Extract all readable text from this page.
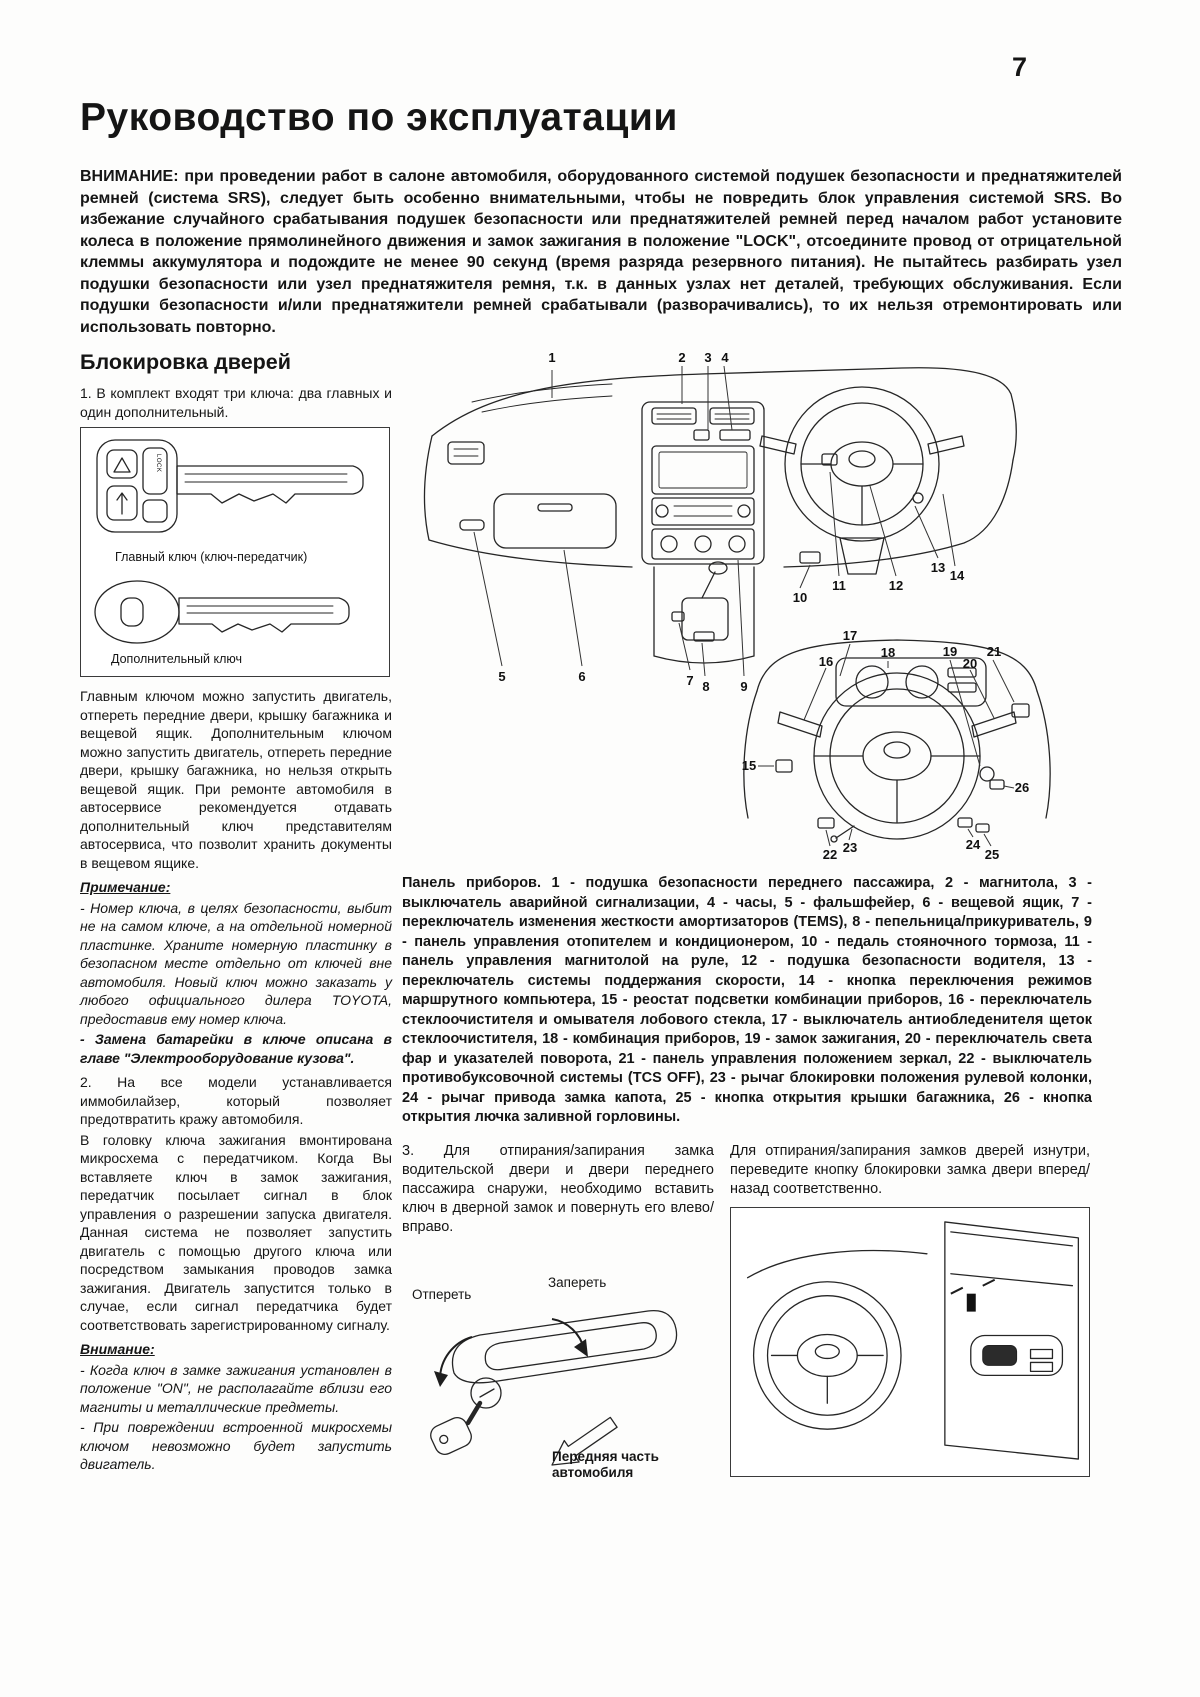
7
Руководство по эксплуатации

ВНИМАНИЕ: при проведении работ в салоне автомобиля, оборудованного системой подушек безопасности и преднатяжителей ремней (система SRS), следует быть особенно внимательными, чтобы не повредить блок управления системой SRS. Во избежание случайного срабатывания подушек безопасности или преднатяжителей ремней перед началом работ установите колеса в положение прямолинейного движения и замок зажигания в положение "LOCK", отсоедините провод от отрицательной клеммы аккумулятора и подождите не менее 90 секунд (время разряда резервного питания). Не пытайтесь разбирать узел подушки безопасности или узел преднатяжителя ремня, т.к. в данных узлах нет деталей, требующих обслуживания. Если подушки безопасности и/или преднатяжители ремней срабатывали (разворачивались), то их нельзя отремонтировать или использовать повторно.

Блокировка дверей

1. В комплект входят три ключа: два главных и один дополнительный.

LOCK
Главный ключ (ключ-передатчик)
Дополнительный ключ

Главным ключом можно запустить двигатель, отпереть передние двери, крышку багажника и вещевой ящик. Дополнительным ключом можно запустить двигатель, отпереть передние двери, крышку багажника, но нельзя открыть вещевой ящик. При ремонте автомобиля в автосервисе рекомендуется отдавать дополнительный ключ представителям автосервиса, что позволит хранить документы в вещевом ящике.

Примечание:

- Номер ключа, в целях безопасности, выбит не на самом ключе, а на отдельной номерной пластинке. Храните номерную пластинку в безопасном месте отдельно от ключей вне автомобиля. Новый ключ можно заказать у любого официального дилера TOYOTA, предоставив ему номер ключа.

- Замена батарейки в ключе описана в главе "Электрооборудование кузова".

2. На все модели устанавливается иммобилайзер, который позволяет предотвратить кражу автомобиля.

В головку ключа зажигания вмонтирована микросхема с передатчиком. Когда Вы вставляете ключ в замок зажигания, передатчик посылает сигнал в блок управления о разрешении запуска двигателя. Данная система не позволяет запустить двигатель с помощью другого ключа или посредством замыкания проводов замка зажигания. Двигатель запустится только в случае, если сигнал передатчика будет соответствовать зарегистрированному сигналу.

Внимание:

- Когда ключ в замке зажигания установлен в положение "ON", не располагайте вблизи его магниты и металлические предметы.

- При повреждении встроенной микросхемы ключом невозможно будет запустить двигатель.

1	2 3 4
5	6	7 8 9
10
11	12
13
14
15
16
17
18	19
20
21
22 23	24
25
26

Панель приборов. 1 - подушка безопасности переднего пассажира, 2 - магнитола, 3 - выключатель аварийной сигнализации, 4 - часы, 5 - фальшфейер, 6 - вещевой ящик, 7 - переключатель изменения жесткости амортизаторов (TEMS), 8 - пепельница/прикуриватель, 9 - панель управления отопителем и кондиционером, 10 - педаль стояночного тормоза, 11 - панель управления магнитолой на руле, 12 - подушка безопасности водителя, 13 - переключатель системы поддержания скорости, 14 - кнопка переключения режимов маршрутного компьютера, 15 - реостат подсветки комбинации приборов, 16 - переключатель стеклоочистителя и омывателя лобового стекла, 17 - выключатель антиобледенителя щеток стеклоочистителя, 18 - комбинация приборов, 19 - замок зажигания, 20 - переключатель света фар и указателей поворота, 21 - панель управления положением зеркал, 22 - выключатель противобуксовочной системы (TCS OFF), 23 - рычаг блокировки положения рулевой колонки, 24 - рычаг привода замка капота, 25 - кнопка открытия крышки багажника, 26 - кнопка открытия лючка заливной горловины.

3. Для отпирания/запирания замка водительской двери и двери переднего пассажира снаружи, необходимо вставить ключ в дверной замок и повернуть его влево/вправо.

Отпереть
Запереть
Передняя часть автомобиля

Для отпирания/запирания замков дверей изнутри, переведите кнопку блокировки замка двери вперед/назад соответственно.
